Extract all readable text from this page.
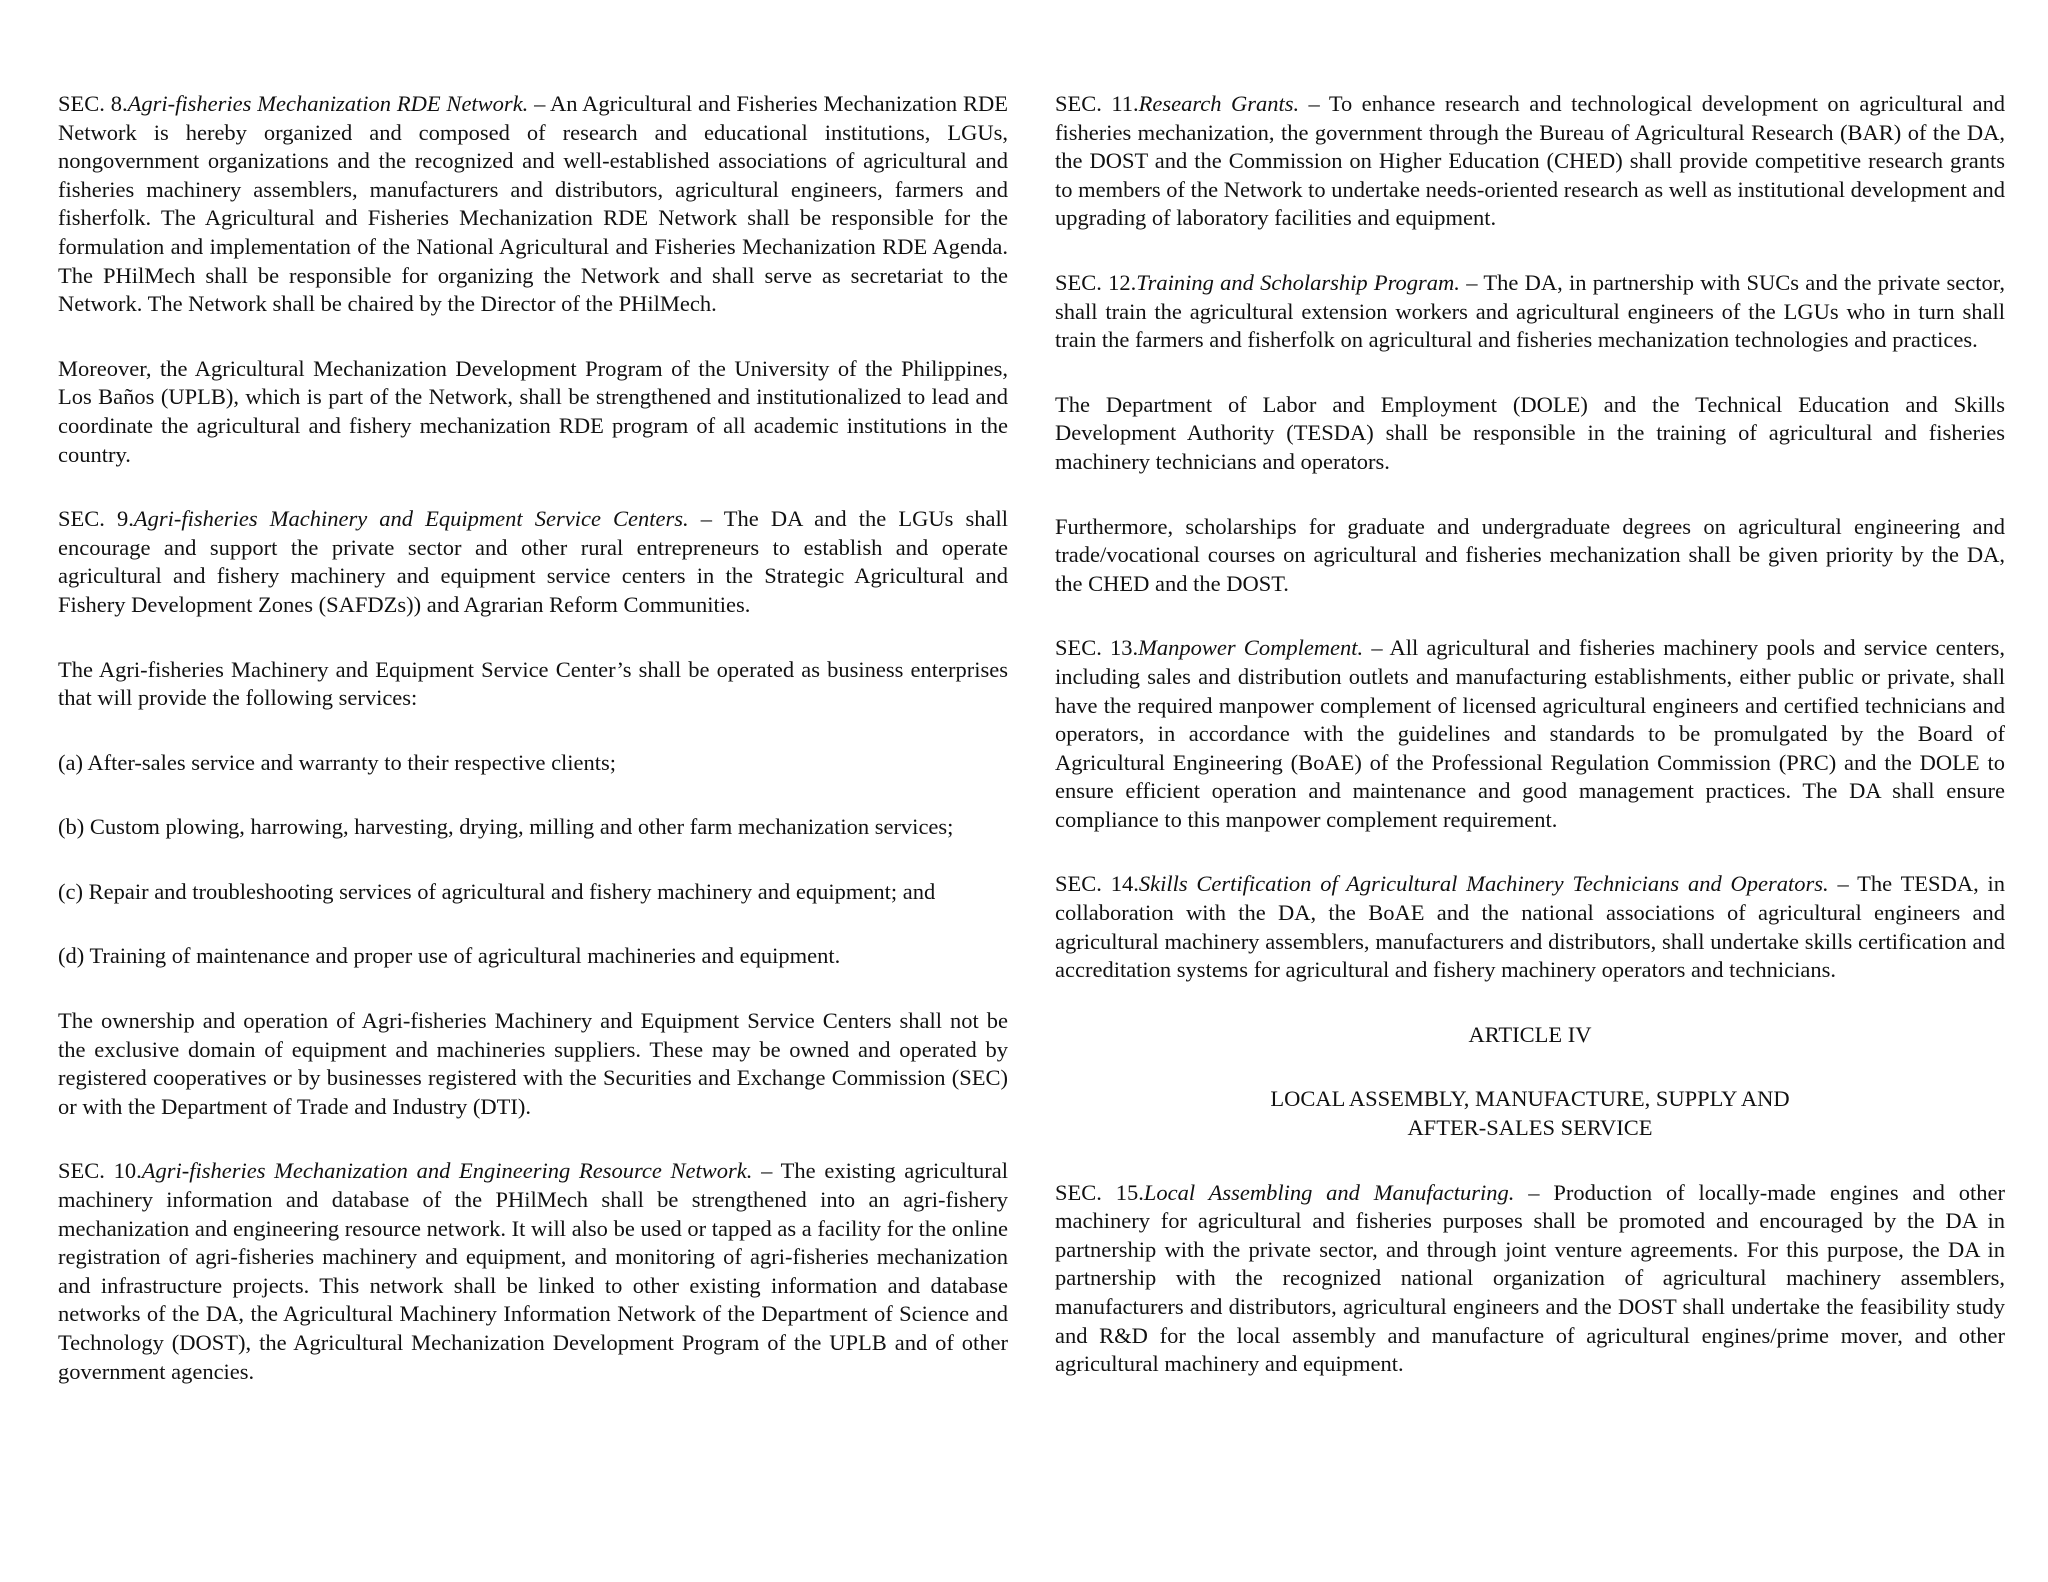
SEC. 8.Agri-fisheries Mechanization RDE Network. – An Agricultural and Fisheries Mechanization RDE Network is hereby organized and composed of research and educational institutions, LGUs, nongovernment organizations and the recognized and well-established associations of agricultural and fisheries machinery assemblers, manufacturers and distributors, agricultural engineers, farmers and fisherfolk. The Agricultural and Fisheries Mechanization RDE Network shall be responsible for the formulation and implementation of the National Agricultural and Fisheries Mechanization RDE Agenda. The PHilMech shall be responsible for organizing the Network and shall serve as secretariat to the Network. The Network shall be chaired by the Director of the PHilMech.

Moreover, the Agricultural Mechanization Development Program of the University of the Philippines, Los Baños (UPLB), which is part of the Network, shall be strengthened and institutionalized to lead and coordinate the agricultural and fishery mechanization RDE program of all academic institutions in the country.

SEC. 9.Agri-fisheries Machinery and Equipment Service Centers. – The DA and the LGUs shall encourage and support the private sector and other rural entrepreneurs to establish and operate agricultural and fishery machinery and equipment service centers in the Strategic Agricultural and Fishery Development Zones (SAFDZs)) and Agrarian Reform Communities.

The Agri-fisheries Machinery and Equipment Service Center’s shall be operated as business enterprises that will provide the following services:

(a) After-sales service and warranty to their respective clients;

(b) Custom plowing, harrowing, harvesting, drying, milling and other farm mechanization services;

(c) Repair and troubleshooting services of agricultural and fishery machinery and equipment; and

(d) Training of maintenance and proper use of agricultural machineries and equipment.

The ownership and operation of Agri-fisheries Machinery and Equipment Service Centers shall not be the exclusive domain of equipment and machineries suppliers. These may be owned and operated by registered cooperatives or by businesses registered with the Securities and Exchange Commission (SEC) or with the Department of Trade and Industry (DTI).

SEC. 10.Agri-fisheries Mechanization and Engineering Resource Network. – The existing agricultural machinery information and database of the PHilMech shall be strengthened into an agri-fishery mechanization and engineering resource network. It will also be used or tapped as a facility for the online registration of agri-fisheries machinery and equipment, and monitoring of agri-fisheries mechanization and infrastructure projects. This network shall be linked to other existing information and database networks of the DA, the Agricultural Machinery Information Network of the Department of Science and Technology (DOST), the Agricultural Mechanization Development Program of the UPLB and of other government agencies.

SEC. 11.Research Grants. – To enhance research and technological development on agricultural and fisheries mechanization, the government through the Bureau of Agricultural Research (BAR) of the DA, the DOST and the Commission on Higher Education (CHED) shall provide competitive research grants to members of the Network to undertake needs-oriented research as well as institutional development and upgrading of laboratory facilities and equipment.

SEC. 12.Training and Scholarship Program. – The DA, in partnership with SUCs and the private sector, shall train the agricultural extension workers and agricultural engineers of the LGUs who in turn shall train the farmers and fisherfolk on agricultural and fisheries mechanization technologies and practices.

The Department of Labor and Employment (DOLE) and the Technical Education and Skills Development Authority (TESDA) shall be responsible in the training of agricultural and fisheries machinery technicians and operators.

Furthermore, scholarships for graduate and undergraduate degrees on agricultural engineering and trade/vocational courses on agricultural and fisheries mechanization shall be given priority by the DA, the CHED and the DOST.

SEC. 13.Manpower Complement. – All agricultural and fisheries machinery pools and service centers, including sales and distribution outlets and manufacturing establishments, either public or private, shall have the required manpower complement of licensed agricultural engineers and certified technicians and operators, in accordance with the guidelines and standards to be promulgated by the Board of Agricultural Engineering (BoAE) of the Professional Regulation Commission (PRC) and the DOLE to ensure efficient operation and maintenance and good management practices. The DA shall ensure compliance to this manpower complement requirement.

SEC. 14.Skills Certification of Agricultural Machinery Technicians and Operators. – The TESDA, in collaboration with the DA, the BoAE and the national associations of agricultural engineers and agricultural machinery assemblers, manufacturers and distributors, shall undertake skills certification and accreditation systems for agricultural and fishery machinery operators and technicians.

ARTICLE IV

LOCAL ASSEMBLY, MANUFACTURE, SUPPLY AND
AFTER-SALES SERVICE

SEC. 15.Local Assembling and Manufacturing. – Production of locally-made engines and other machinery for agricultural and fisheries purposes shall be promoted and encouraged by the DA in partnership with the private sector, and through joint venture agreements. For this purpose, the DA in partnership with the recognized national organization of agricultural machinery assemblers, manufacturers and distributors, agricultural engineers and the DOST shall undertake the feasibility study and R&D for the local assembly and manufacture of agricultural engines/prime mover, and other agricultural machinery and equipment.
